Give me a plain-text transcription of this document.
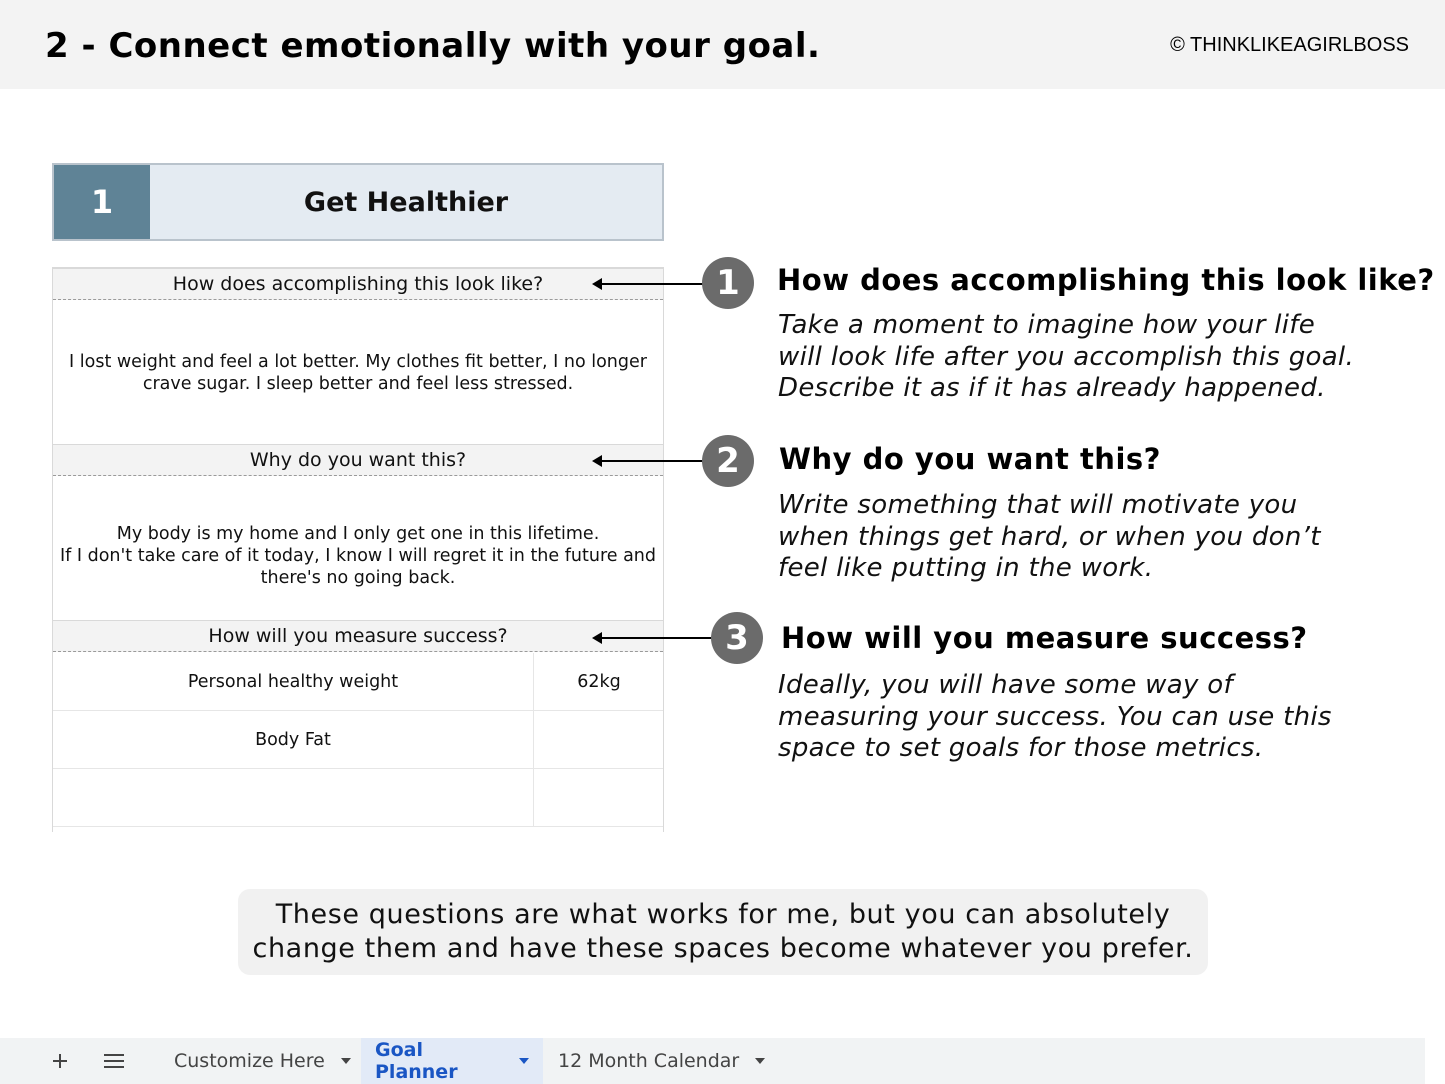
2 - Connect emotionally with your goal.	© THINKLIKEAGIRLBOSS
1	Get Healthier
How does accomplishing this look like?
I lost weight and feel a lot better. My clothes fit better, I no longer crave sugar. I sleep better and feel less stressed.
Why do you want this?
My body is my home and I only get one in this lifetime.
If I don't take care of it today, I know I will regret it in the future and there's no going back.
How will you measure success?
Personal healthy weight	62kg
Body Fat
1
2
3
How does accomplishing this look like?
Take a moment to imagine how your life will look life after you accomplish this goal. Describe it as if it has already happened.
Why do you want this?
Write something that will motivate you when things get hard, or when you don’t feel like putting in the work.
How will you measure success?
Ideally, you will have some way of measuring your success. You can use this space to set goals for those metrics.
These questions are what works for me, but you can absolutely change them and have these spaces become whatever you prefer.
Customize Here	Goal Planner	12 Month Calendar
